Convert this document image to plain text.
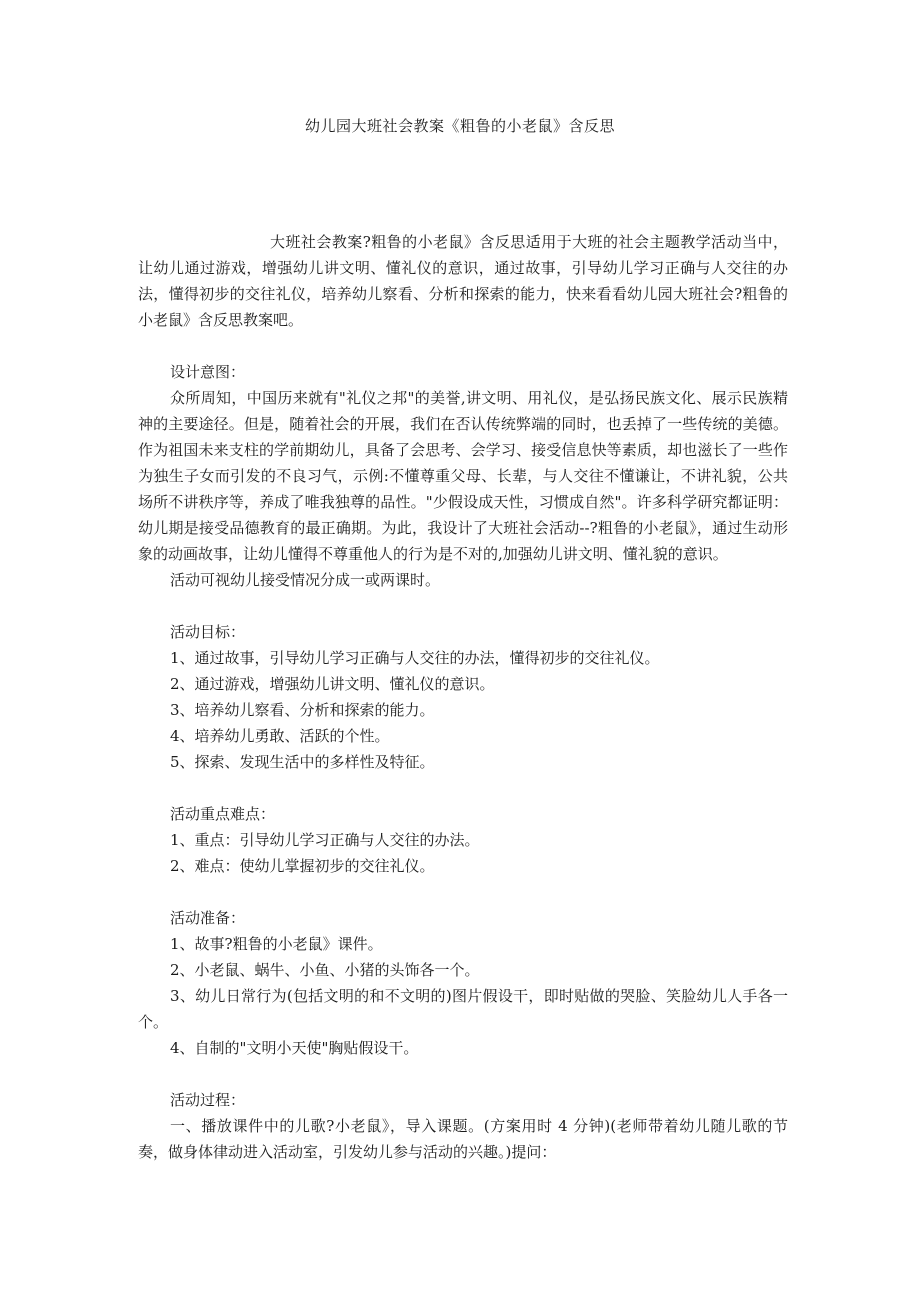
幼儿园大班社会教案《粗鲁的小老鼠》含反思

大班社会教案?粗鲁的小老鼠》含反思适用于大班的社会主题教学活动当中，让幼儿通过游戏，增强幼儿讲文明、懂礼仪的意识，通过故事，引导幼儿学习正确与人交往的办法，懂得初步的交往礼仪，培养幼儿察看、分析和探索的能力，快来看看幼儿园大班社会?粗鲁的小老鼠》含反思教案吧。

设计意图：

众所周知，中国历来就有"礼仪之邦"的美誉,讲文明、用礼仪，是弘扬民族文化、展示民族精神的主要途径。但是，随着社会的开展，我们在否认传统弊端的同时，也丢掉了一些传统的美德。作为祖国未来支柱的学前期幼儿，具备了会思考、会学习、接受信息快等素质，却也滋长了一些作为独生子女而引发的不良习气，示例:不懂尊重父母、长辈，与人交往不懂谦让，不讲礼貌，公共场所不讲秩序等，养成了唯我独尊的品性。"少假设成天性，习惯成自然"。许多科学研究都证明：幼儿期是接受品德教育的最正确期。为此，我设计了大班社会活动--?粗鲁的小老鼠》，通过生动形象的动画故事，让幼儿懂得不尊重他人的行为是不对的,加强幼儿讲文明、懂礼貌的意识。

活动可视幼儿接受情况分成一或两课时。

活动目标：

1、通过故事，引导幼儿学习正确与人交往的办法，懂得初步的交往礼仪。

2、通过游戏，增强幼儿讲文明、懂礼仪的意识。

3、培养幼儿察看、分析和探索的能力。

4、培养幼儿勇敢、活跃的个性。

5、探索、发现生活中的多样性及特征。

活动重点难点：

1、重点：引导幼儿学习正确与人交往的办法。

2、难点：使幼儿掌握初步的交往礼仪。

活动准备：

1、故事?粗鲁的小老鼠》课件。

2、小老鼠、蜗牛、小鱼、小猪的头饰各一个。

3、幼儿日常行为(包括文明的和不文明的)图片假设干，即时贴做的哭脸、笑脸幼儿人手各一个。

4、自制的"文明小天使"胸贴假设干。

活动过程：

一、播放课件中的儿歌?小老鼠》，导入课题。(方案用时 4 分钟)(老师带着幼儿随儿歌的节奏，做身体律动进入活动室，引发幼儿参与活动的兴趣。)提问：
